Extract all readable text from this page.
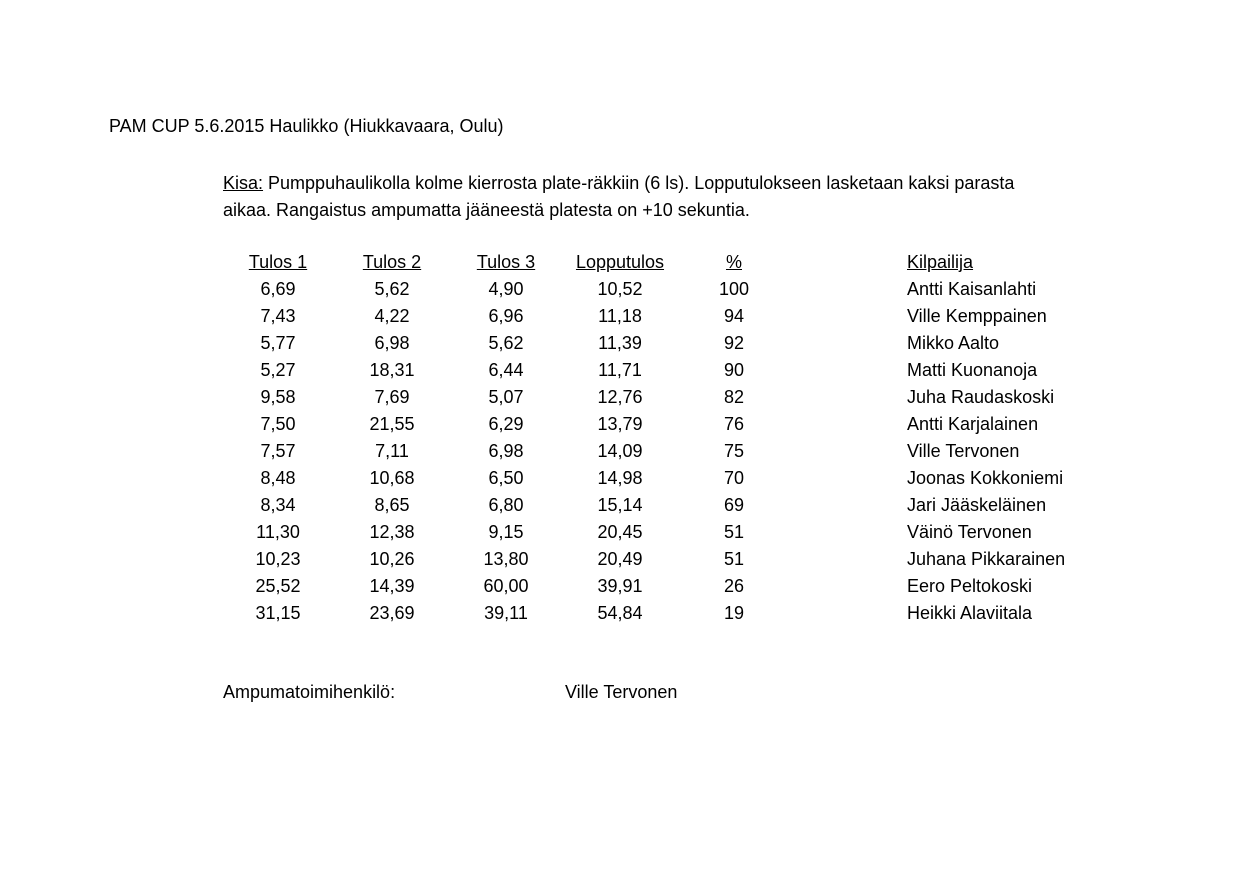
PAM CUP 5.6.2015 Haulikko (Hiukkavaara, Oulu)
Kisa: Pumppuhaulikolla kolme kierrosta plate-räkkiin (6 ls). Lopputulokseen lasketaan kaksi parasta
aikaa. Rangaistus ampumatta jääneestä platesta on +10 sekuntia.
Tulos 1	Tulos 2	Tulos 3	Lopputulos	%	Kilpailija
6,69	5,62	4,90	10,52	100	Antti Kaisanlahti
7,43	4,22	6,96	11,18	94	Ville Kemppainen
5,77	6,98	5,62	11,39	92	Mikko Aalto
5,27	18,31	6,44	11,71	90	Matti Kuonanoja
9,58	7,69	5,07	12,76	82	Juha Raudaskoski
7,50	21,55	6,29	13,79	76	Antti Karjalainen
7,57	7,11	6,98	14,09	75	Ville Tervonen
8,48	10,68	6,50	14,98	70	Joonas Kokkoniemi
8,34	8,65	6,80	15,14	69	Jari Jääskeläinen
11,30	12,38	9,15	20,45	51	Väinö Tervonen
10,23	10,26	13,80	20,49	51	Juhana Pikkarainen
25,52	14,39	60,00	39,91	26	Eero Peltokoski
31,15	23,69	39,11	54,84	19	Heikki Alaviitala
Ampumatoimihenkilö:	Ville Tervonen
